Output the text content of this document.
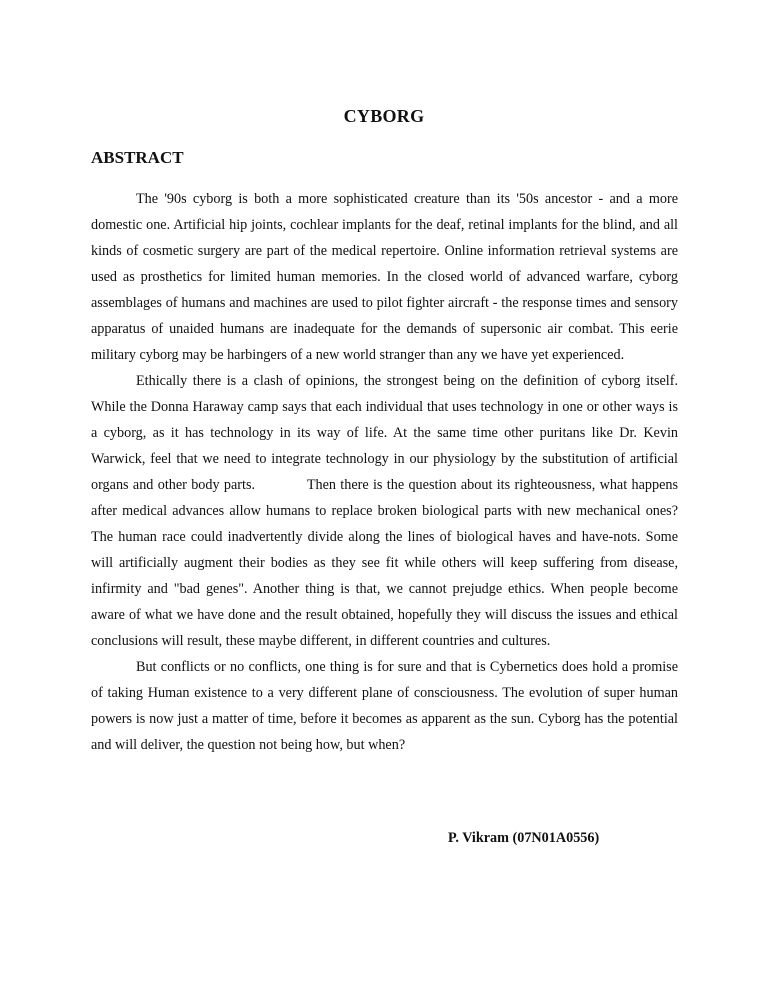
CYBORG
ABSTRACT

The '90s cyborg is both a more sophisticated creature than its '50s ancestor - and a more domestic one. Artificial hip joints, cochlear implants for the deaf, retinal implants for the blind, and all kinds of cosmetic surgery are part of the medical repertoire. Online information retrieval systems are used as prosthetics for limited human memories. In the closed world of advanced warfare, cyborg assemblages of humans and machines are used to pilot fighter aircraft - the response times and sensory apparatus of unaided humans are inadequate for the demands of supersonic air combat. This eerie military cyborg may be harbingers of a new world stranger than any we have yet experienced.

Ethically there is a clash of opinions, the strongest being on the definition of cyborg itself. While the Donna Haraway camp says that each individual that uses technology in one or other ways is a cyborg, as it has technology in its way of life. At the same time other puritans like Dr. Kevin Warwick, feel that we need to integrate technology in our physiology by the substitution of artificial organs and other body parts.            Then there is the question about its righteousness, what happens after medical advances allow humans to replace broken biological parts with new mechanical ones? The human race could inadvertently divide along the lines of biological haves and have-nots. Some will artificially augment their bodies as they see fit while others will keep suffering from disease, infirmity and "bad genes". Another thing is that, we cannot prejudge ethics. When people become aware of what we have done and the result obtained, hopefully they will discuss the issues and ethical conclusions will result, these maybe different, in different countries and cultures.

But conflicts or no conflicts, one thing is for sure and that is Cybernetics does hold a promise of taking Human existence to a very different plane of consciousness. The evolution of super human powers is now just a matter of time, before it becomes as apparent as the sun. Cyborg has the potential and will deliver, the question not being how, but when?

P. Vikram (07N01A0556)
